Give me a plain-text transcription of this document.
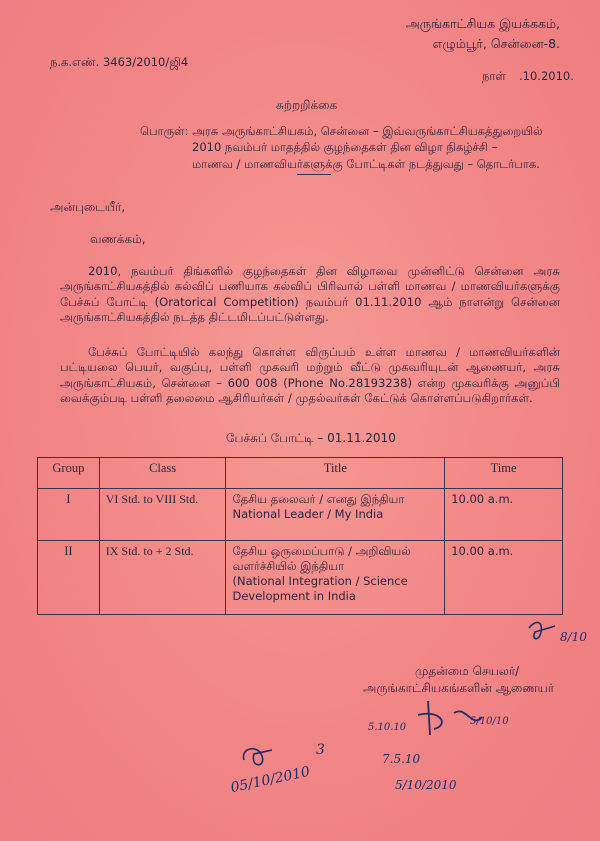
அருங்காட்சியக இயக்ககம்,
எழும்பூர், சென்னை-8.
ந.க.எண். 3463/2010/ஜி4
நாள் .10.2010.
சுற்றறிக்கை
பொருள்: அரசு அருங்காட்சியகம், சென்னை – இவ்வருங்காட்சியகத்துறையில்
2010 நவம்பர் மாதத்தில் குழந்தைகள் தின விழா நிகழ்ச்சி –
மாணவ / மாணவியர்களுக்கு போட்டிகள் நடத்துவது – தொடர்பாக.
அன்புடையீர்,
வணக்கம்,
2010, நவம்பர் திங்களில் குழந்தைகள் தின விழாவை முன்னிட்டு சென்னை அரசு அருங்காட்சியகத்தில் கல்விப் பணியாக கல்விப் பிரிவால் பள்ளி மாணவ / மாணவியர்களுக்கு பேச்சுப் போட்டி (Oratorical Competition) நவம்பர் 01.11.2010 ஆம் நாளன்று சென்னை அருங்காட்சியகத்தில் நடத்த திட்டமிடப்பட்டுள்ளது.
பேச்சுப் போட்டியில் கலந்து கொள்ள விருப்பம் உள்ள மாணவ / மாணவியர்களின் பட்டியலை பெயர், வகுப்பு, பள்ளி முகவரி மற்றும் வீட்டு முகவரியுடன் ஆணையர், அரசு அருங்காட்சியகம், சென்னை – 600 008 (Phone No.28193238) என்ற முகவரிக்கு அனுப்பி வைக்கும்படி பள்ளி தலைமை ஆசிரியர்கள் / முதல்வர்கள் கேட்டுக் கொள்ளப்படுகிறார்கள்.
பேச்சுப் போட்டி – 01.11.2010
Group	Class	Title	Time
I	VI Std. to VIII Std.	தேசிய தலைவர் / எனது இந்தியா
National Leader / My India	10.00 a.m.
II	IX Std. to + 2 Std.	தேசிய ஒருமைப்பாடு / அறிவியல்
வளர்ச்சியில் இந்தியா
(National Integration / Science
Development in India	10.00 a.m.
8/10
முதன்மை செயலர்/
அருங்காட்சியகங்களின் ஆணையர்
5.10.10
5/10/10
05/10/2010
3
7.5.10
5/10/2010
